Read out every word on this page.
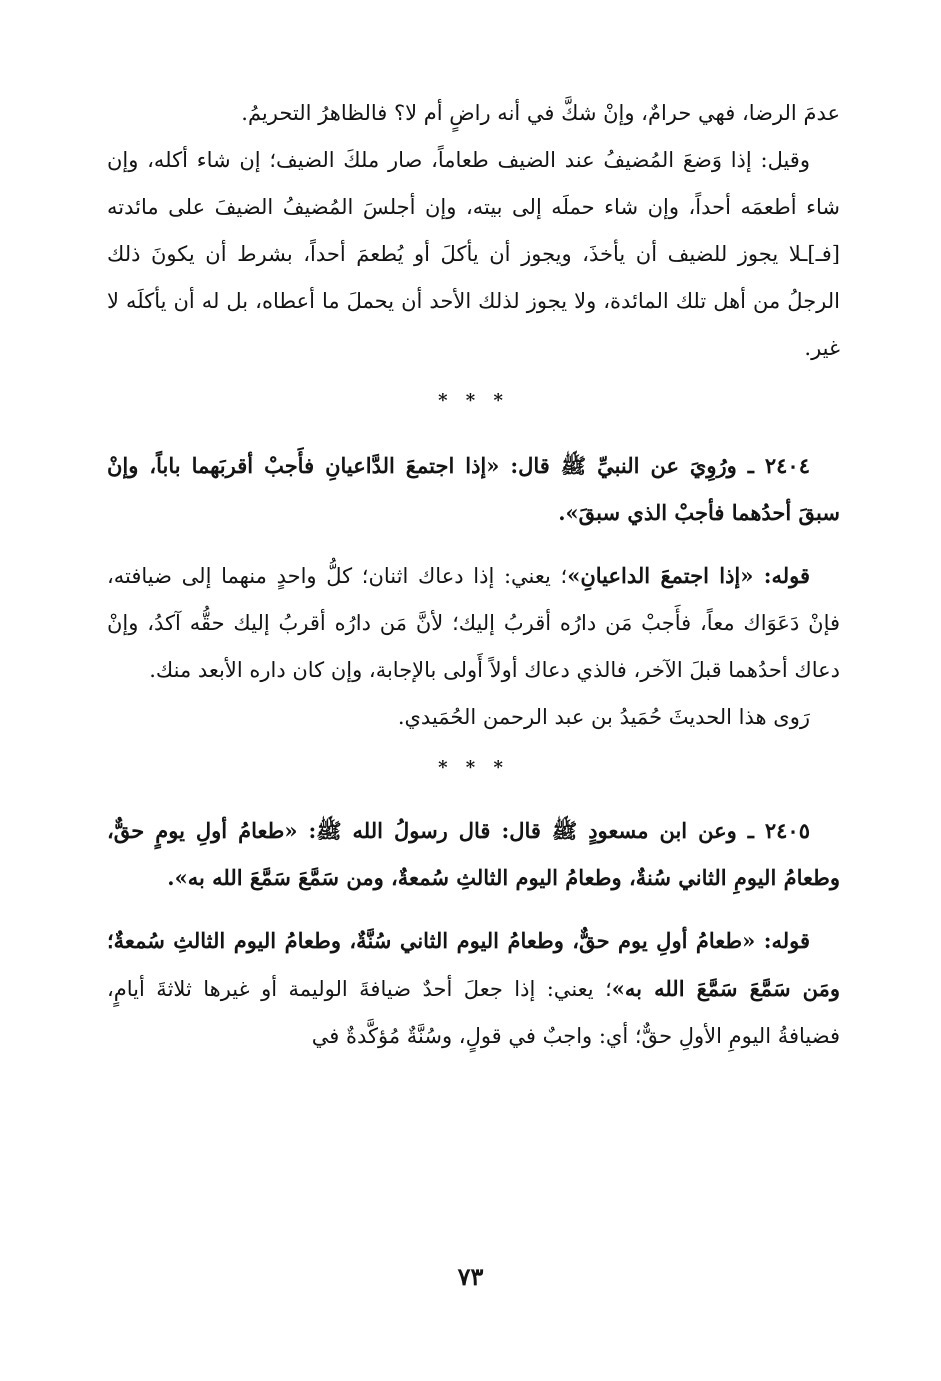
عدمَ الرضا، فهي حرامٌ، وإنْ شكَّ في أنه راضٍ أم لا؟ فالظاهرُ التحريمُ.

وقيل: إذا وَضعَ المُضيفُ عند الضيف طعاماً، صار ملكَ الضيف؛ إن شاء أكله، وإن شاء أطعمَه أحداً، وإن شاء حملَه إلى بيته، وإن أجلسَ المُضيفُ الضيفَ على مائدته [فـ]ـلا يجوز للضيف أن يأخذَ، ويجوز أن يأكلَ أو يُطعمَ أحداً، بشرط أن يكونَ ذلك الرجلُ من أهل تلك المائدة، ولا يجوز لذلك الأحد أن يحملَ ما أعطاه، بل له أن يأكلَه لا غير.

* * *

٢٤٠٤ ـ ورُوِيَ عن النبيِّ ﷺ قال: «إذا اجتمعَ الدَّاعيانِ فأَجبْ أقربَهما باباً، وإنْ سبقَ أحدُهما فأجبْ الذي سبقَ».

قوله: «إذا اجتمعَ الداعيانِ»؛ يعني: إذا دعاك اثنان؛ كلُّ واحدٍ منهما إلى ضيافته، فإنْ دَعَوَاك معاً، فأَجبْ مَن دارُه أقربُ إليك؛ لأنَّ مَن دارُه أقربُ إليك حقُّه آكدُ، وإنْ دعاك أحدُهما قبلَ الآخر، فالذي دعاك أولاً أَولى بالإجابة، وإن كان داره الأبعد منك.

رَوى هذا الحديثَ حُمَيدُ بن عبد الرحمن الحُمَيدي.

* * *

٢٤٠٥ ـ وعن ابن مسعودٍ ﷺ قال: قال رسولُ الله ﷺ: «طعامُ أولِ يومٍ حقٌّ، وطعامُ اليومِ الثاني سُنةٌ، وطعامُ اليوم الثالثِ سُمعةٌ، ومن سَمَّعَ سَمَّعَ الله به».

قوله: «طعامُ أولِ يوم حقٌّ، وطعامُ اليوم الثاني سُنَّةٌ، وطعامُ اليوم الثالثِ سُمعةٌ؛ ومَن سَمَّعَ سَمَّعَ الله به»؛ يعني: إذا جعلَ أحدٌ ضيافةَ الوليمة أو غيرها ثلاثةَ أيامٍ، فضيافةُ اليومِ الأولِ حقٌّ؛ أي: واجبٌ في قولٍ، وسُنَّةٌ مُؤكَّدةٌ في

٧٣
